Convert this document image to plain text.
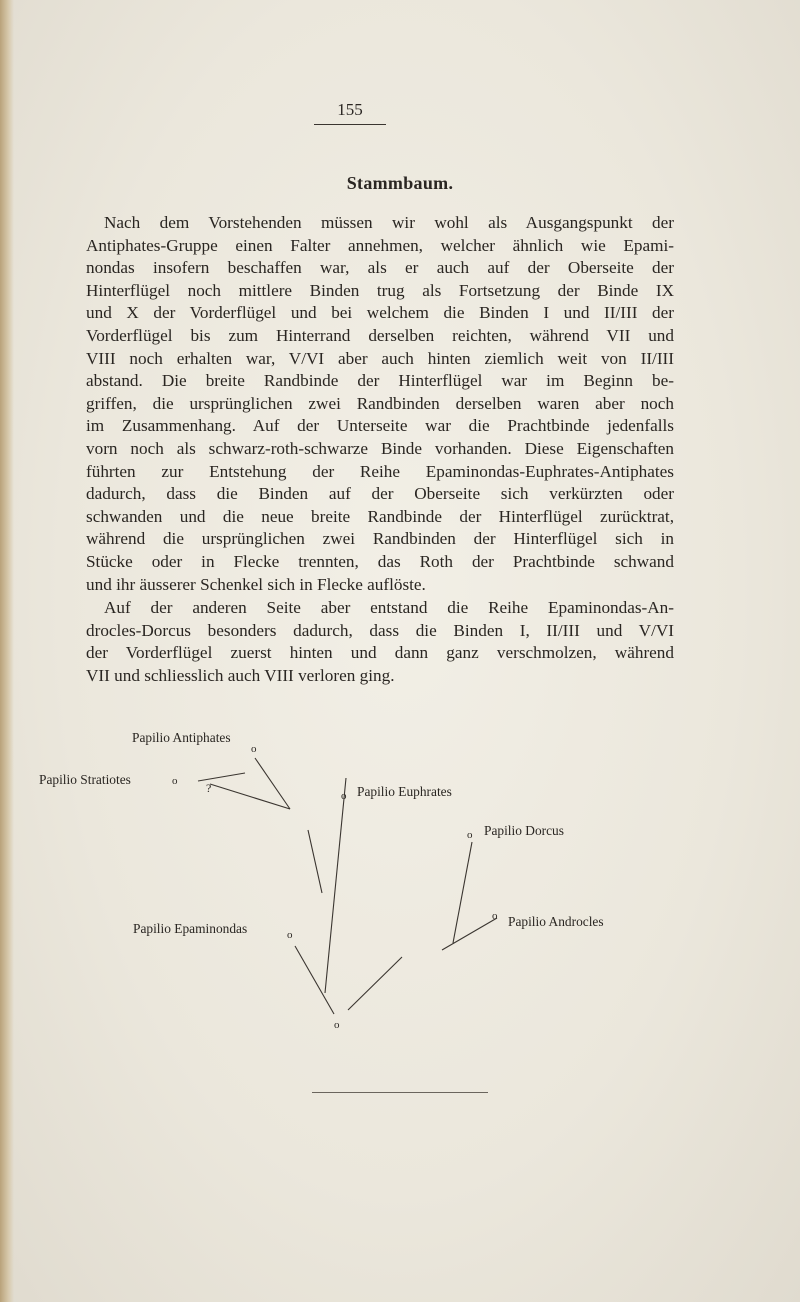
155
Stammbaum.
Nach dem Vorstehenden müssen wir wohl als Ausgangspunkt der
Antiphates-Gruppe einen Falter annehmen, welcher ähnlich wie Epami-
nondas insofern beschaffen war, als er auch auf der Oberseite der
Hinterflügel noch mittlere Binden trug als Fortsetzung der Binde IX
und X der Vorderflügel und bei welchem die Binden I und II/III der
Vorderflügel bis zum Hinterrand derselben reichten, während VII und
VIII noch erhalten war, V/VI aber auch hinten ziemlich weit von II/III
abstand. Die breite Randbinde der Hinterflügel war im Beginn be-
griffen, die ursprünglichen zwei Randbinden derselben waren aber noch
im Zusammenhang. Auf der Unterseite war die Prachtbinde jedenfalls
vorn noch als schwarz-roth-schwarze Binde vorhanden. Diese Eigenschaften
führten zur Entstehung der Reihe Epaminondas-Euphrates-Antiphates
dadurch, dass die Binden auf der Oberseite sich verkürzten oder
schwanden und die neue breite Randbinde der Hinterflügel zurücktrat,
während die ursprünglichen zwei Randbinden der Hinterflügel sich in
Stücke oder in Flecke trennten, das Roth der Prachtbinde schwand
und ihr äusserer Schenkel sich in Flecke auflöste.
Auf der anderen Seite aber entstand die Reihe Epaminondas-An-
drocles-Dorcus besonders dadurch, dass die Binden I, II/III und V/VI
der Vorderflügel zuerst hinten und dann ganz verschmolzen, während
VII und schliesslich auch VIII verloren ging.
Papilio Antiphates
o
Papilio Stratiotes	o ?
o Papilio Euphrates
o Papilio Dorcus
Papilio Epaminondas	o
o Papilio Androcles
o
